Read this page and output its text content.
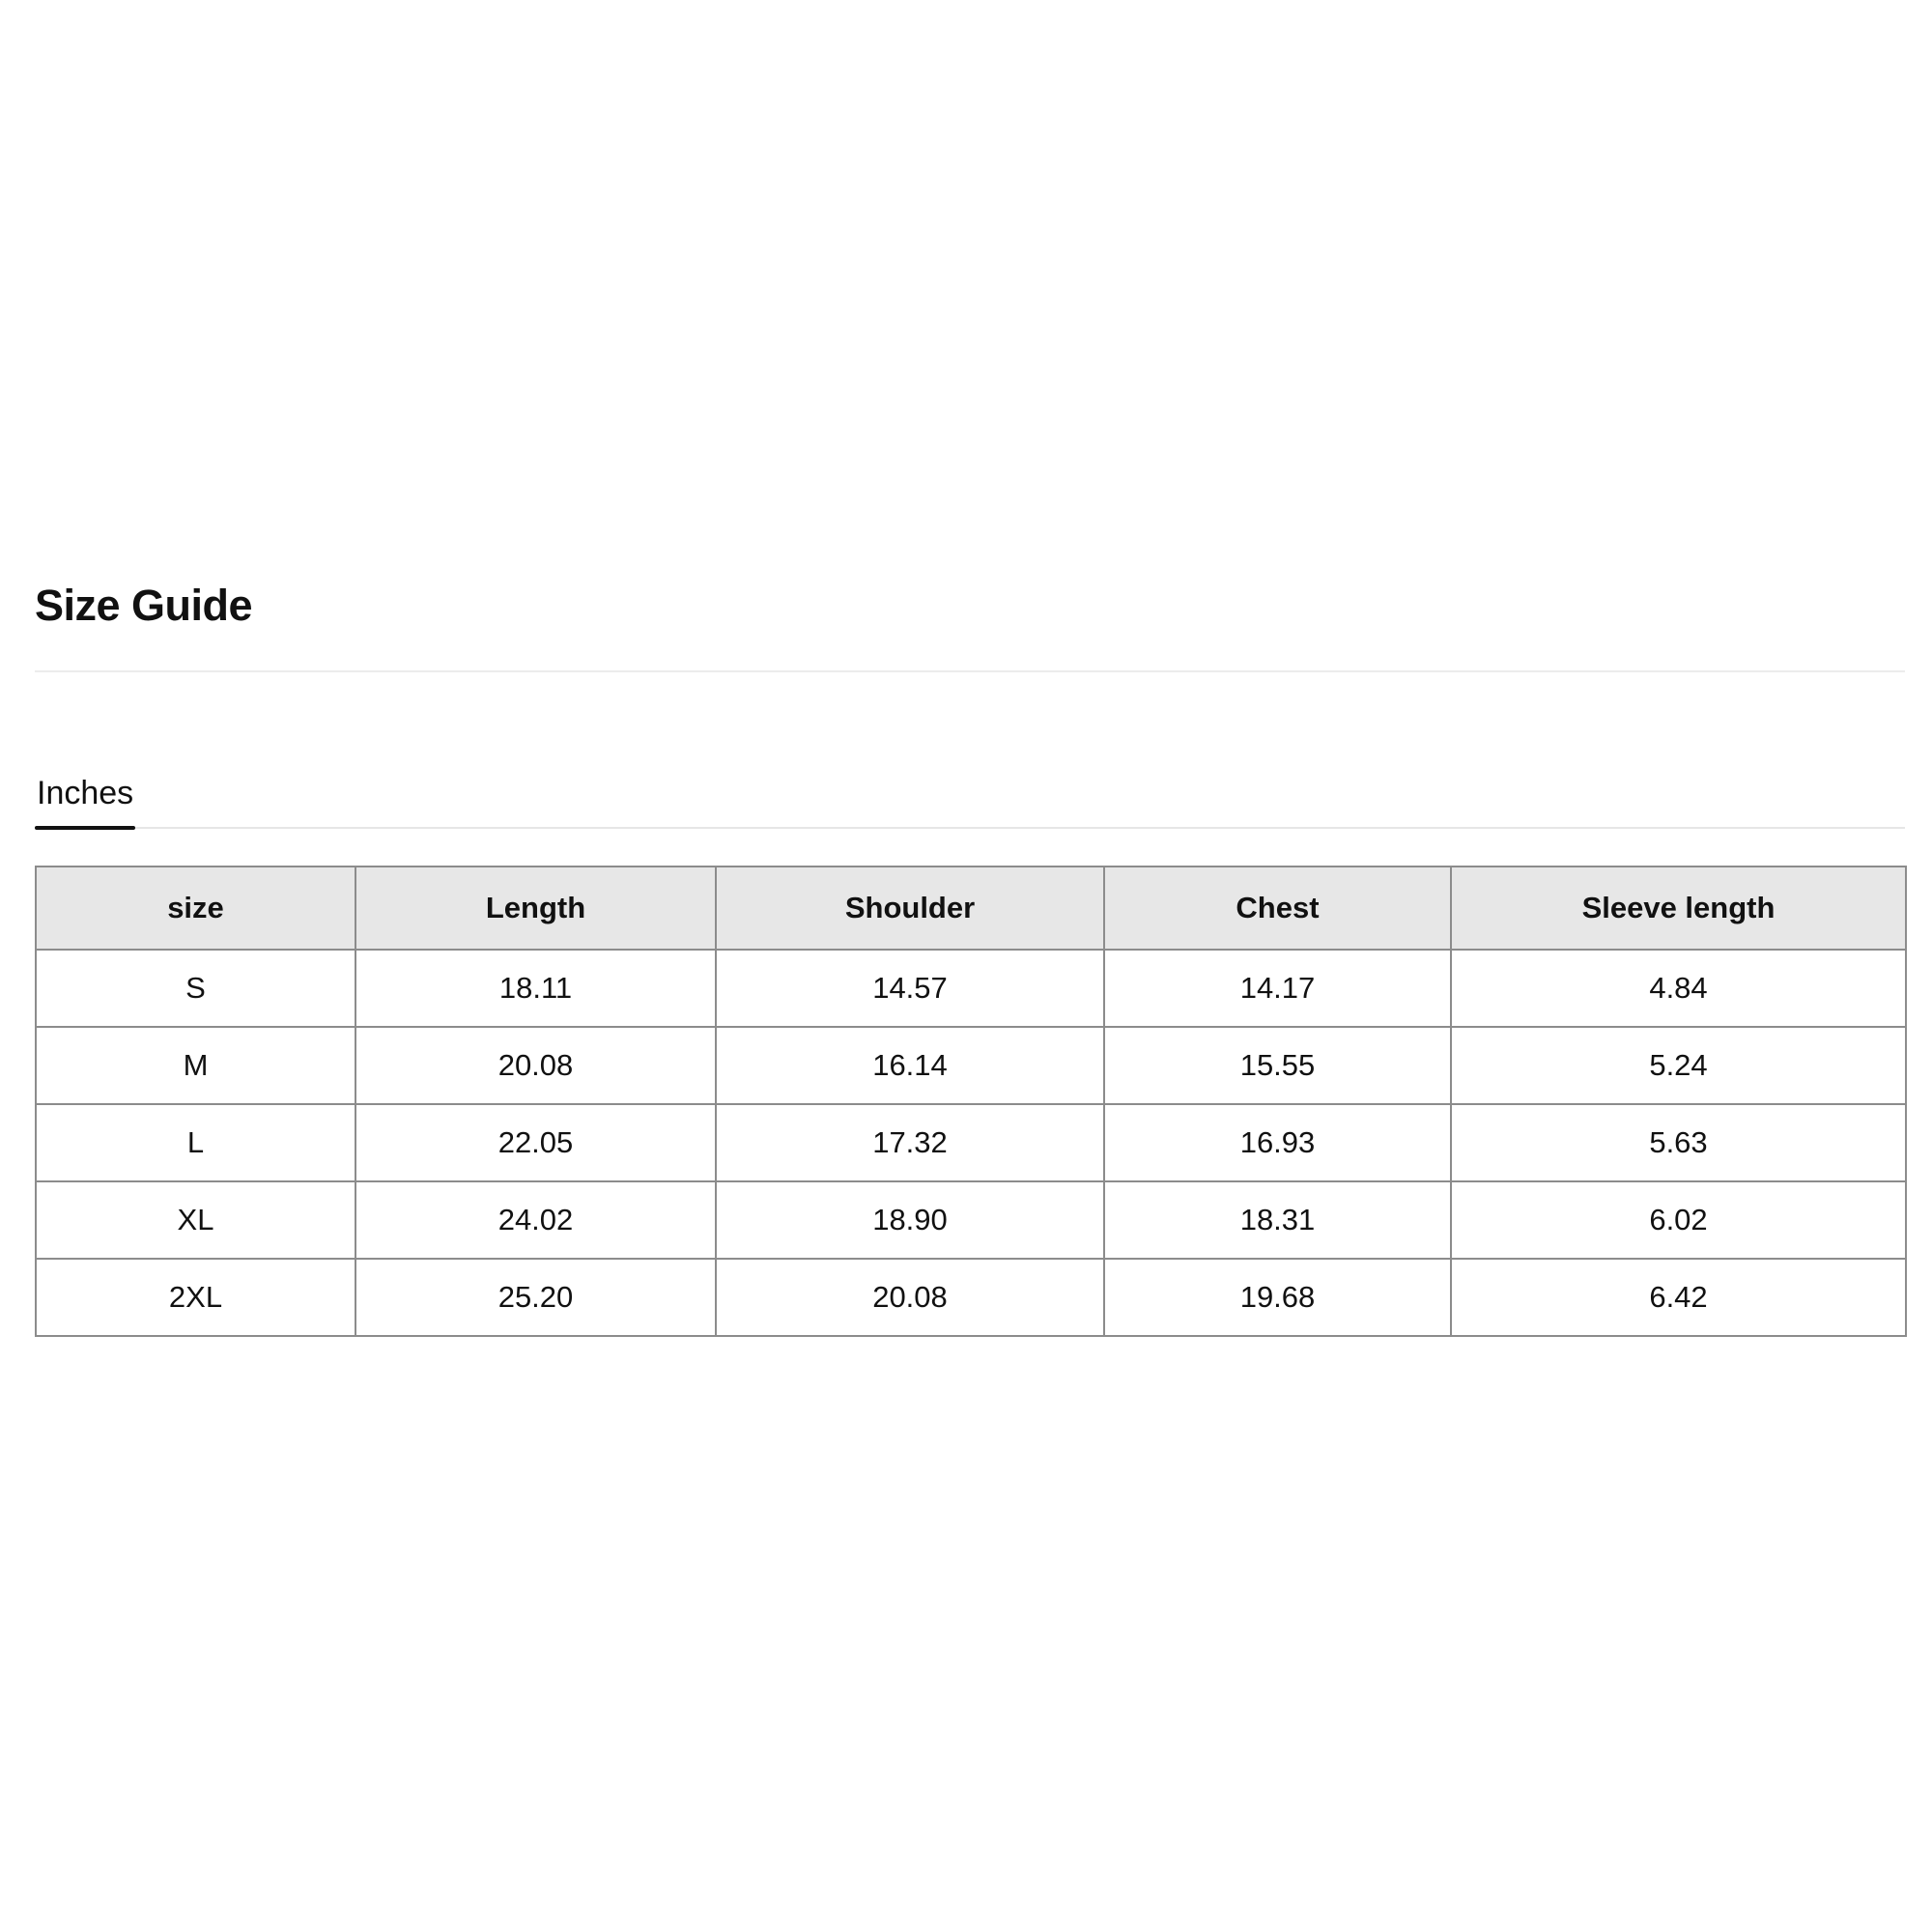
Size Guide
Inches
size	Length	Shoulder	Chest	Sleeve length
S	18.11	14.57	14.17	4.84
M	20.08	16.14	15.55	5.24
L	22.05	17.32	16.93	5.63
XL	24.02	18.90	18.31	6.02
2XL	25.20	20.08	19.68	6.42
